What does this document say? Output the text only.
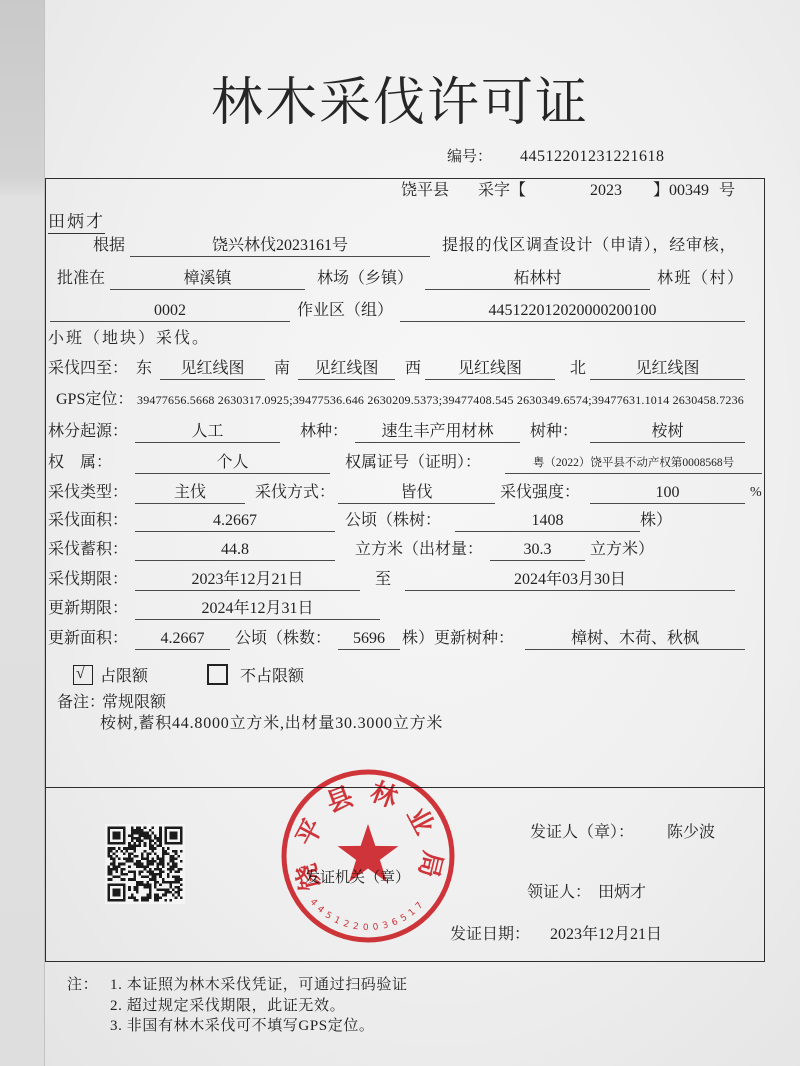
林木采伐许可证
编号： 44512201231221618
饶平县 采字【	2023 】00349 号
田炳才
根据	饶兴林伐2023161号	提报的伐区调查设计（申请），经审核，
批准在	樟溪镇	林场（乡镇）	柘林村	林班（村）
0002	作业区（组）	445122012020000200100
小班（地块）采伐。
采伐四至： 东	见红线图	南	见红线图	西	见红线图	北	见红线图
GPS定位： 39477656.5668 2630317.0925;39477536.646 2630209.5373;39477408.545 2630349.6574;39477631.1014 2630458.7236
林分起源：	人工	林种：	速生丰产用材林	树种：	桉树
权　属：	个人	权属证号（证明）：	粤（2022）饶平县不动产权第0008568号
采伐类型：	主伐	采伐方式：	皆伐	采伐强度：	100	%
采伐面积：	4.2667	公顷（株树：	1408	株）
采伐蓄积：	44.8	立方米（出材量：	30.3	立方米）
采伐期限：	2023年12月21日	至	2024年03月30日
更新期限：	2024年12月31日
更新面积：	4.2667	公顷（株数：	5696	株）更新树种：	樟树、木荷、秋枫
√ 占限额	不占限额
备注：
常规限额
桉树,蓄积44.8000立方米,出材量30.3000立方米
发证人（章）： 陈少波
发证机关（章）
领证人： 田炳才
发证日期： 2023年12月21日
饶平县林业局
4451220036517
注： 1. 本证照为林木采伐凭证，可通过扫码验证
2. 超过规定采伐期限，此证无效。
3. 非国有林木采伐可不填写GPS定位。
